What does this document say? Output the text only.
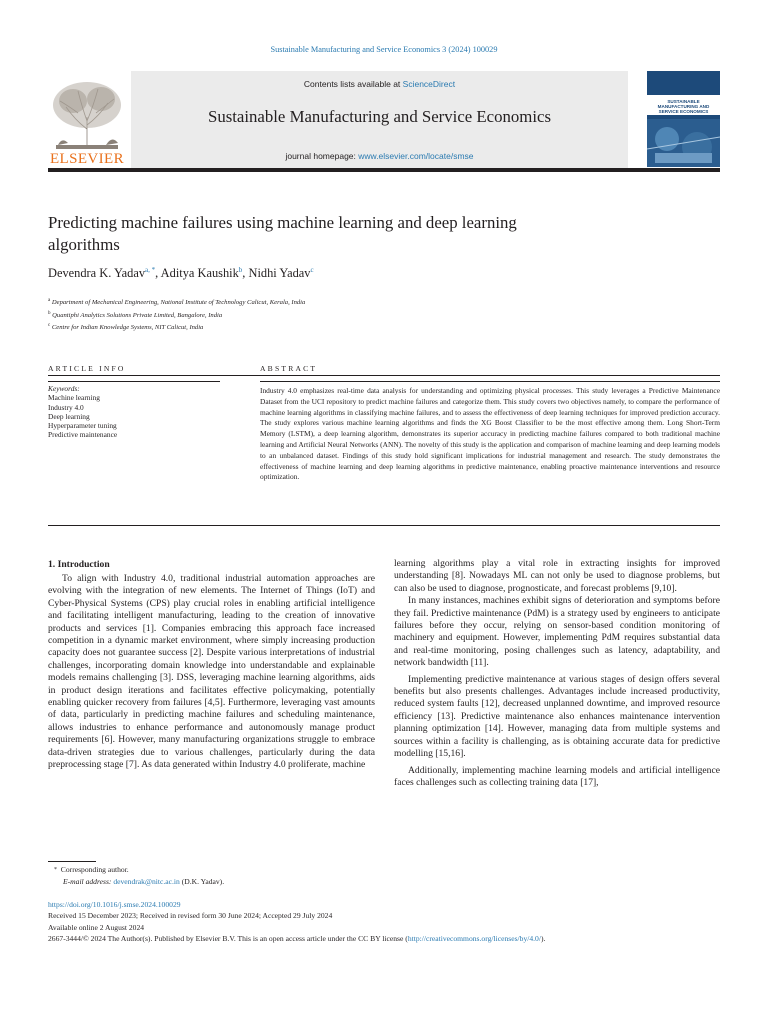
Sustainable Manufacturing and Service Economics 3 (2024) 100029
Contents lists available at ScienceDirect
Sustainable Manufacturing and Service Economics
journal homepage: www.elsevier.com/locate/smse
ELSEVIER
SUSTAINABLE MANUFACTURING AND SERVICE ECONOMICS
Predicting machine failures using machine learning and deep learning algorithms
Devendra K. Yadav$^{a, *}$, Aditya Kaushik$^b$, Nidhi Yadav$^c$
$^a$ Department of Mechanical Engineering, National Institute of Technology Calicut, Kerala, India
$^b$ Quantiphi Analytics Solutions Private Limited, Bangalore, India
$^c$ Centre for Indian Knowledge Systems, NIT Calicut, India
ARTICLE INFO	ABSTRACT
Keywords:
Machine learning
Industry 4.0
Deep learning
Hyperparameter tuning
Predictive maintenance
Industry 4.0 emphasizes real-time data analysis for understanding and optimizing physical processes. This study leverages a Predictive Maintenance Dataset from the UCI repository to predict machine failures and categorize them. This study covers two objectives namely, to compare the performance of machine learning algorithms in classifying machine failures, and to assess the effectiveness of deep learning techniques for improved prediction accuracy. The study explores various machine learning algorithms and finds the XG Boost Classifier to be the most effective among them. Long Short-Term Memory (LSTM), a deep learning algorithm, demonstrates its superior accuracy in predicting machine failures compared to both traditional machine learning and Artificial Neural Networks (ANN). The novelty of this study is the application and comparison of machine learning and deep learning models to an unbalanced dataset. Findings of this study hold significant implications for industrial management and research. The study demonstrates the effectiveness of machine learning and deep learning algorithms in predictive maintenance, enabling proactive maintenance interventions and resource optimization.
1. Introduction

To align with Industry 4.0, traditional industrial automation approaches are evolving with the integration of new elements. The Internet of Things (IoT) and Cyber-Physical Systems (CPS) play crucial roles in enabling artificial intelligence and facilitating intelligent manufacturing, leading to the creation of innovative products and services [1]. Companies embracing this approach face increased competition in a dynamic market environment, where simply increasing production capacity does not guarantee success [2]. Despite various interpretations of industrial challenges, incorporating domain knowledge into understandable and explainable models remains challenging [3]. DSS, leveraging machine learning algorithms, aids in product design iterations and facilitates effective policymaking, potentially enabling quicker recovery from failures [4,5]. Furthermore, leveraging vast amounts of data, particularly in predicting machine failures and scheduling maintenance, allows industries to enhance performance and autonomously manage product requirements [6]. However, many manufacturing organizations struggle to embrace data-driven strategies due to various challenges, particularly during the data preprocessing stage [7]. As data generated within Industry 4.0 proliferate, machine

learning algorithms play a vital role in extracting insights for improved understanding [8]. Nowadays ML can not only be used to diagnose problems, but can also be used to diagnose, prognosticate, and forecast problems [9,10].

In many instances, machines exhibit signs of deterioration and symptoms before they fail. Predictive maintenance (PdM) is a strategy used by engineers to anticipate failures before they occur, relying on sensor-based condition monitoring of machinery and equipment. However, implementing PdM requires substantial data and real-time monitoring, posing challenges such as latency, adaptability, and network bandwidth [11].

Implementing predictive maintenance at various stages of design offers several benefits but also presents challenges. Advantages include increased productivity, reduced system faults [12], decreased unplanned downtime, and improved resource efficiency [13]. Predictive maintenance also enhances maintenance intervention planning optimization [14]. However, managing data from multiple systems and sources within a facility is challenging, as is obtaining accurate data for predictive modelling [15,16].

Additionally, implementing machine learning models and artificial intelligence faces challenges such as collecting training data [17],

* Corresponding author.
E-mail address: devendrak@nitc.ac.in (D.K. Yadav).
https://doi.org/10.1016/j.smse.2024.100029
Received 15 December 2023; Received in revised form 30 June 2024; Accepted 29 July 2024
Available online 2 August 2024
2667-3444/© 2024 The Author(s). Published by Elsevier B.V. This is an open access article under the CC BY license (http://creativecommons.org/licenses/by/4.0/).
